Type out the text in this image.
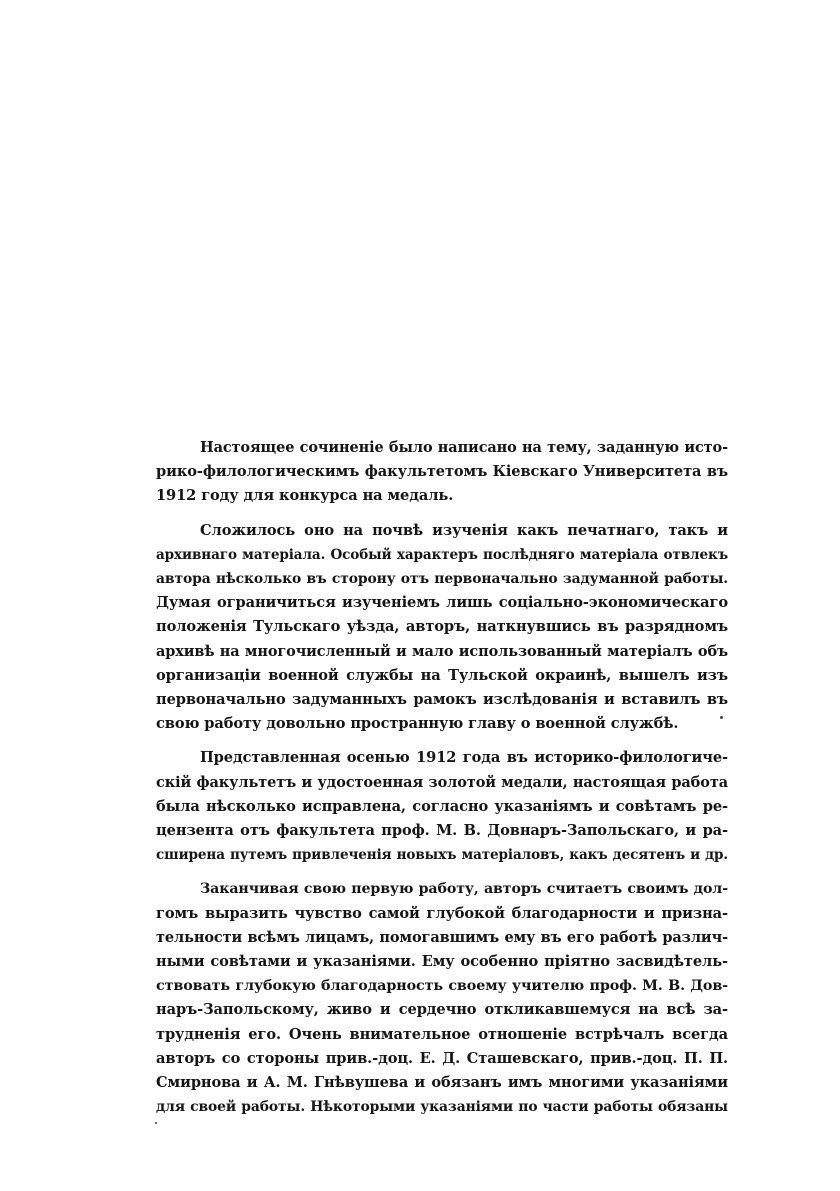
Настоящее сочиненіе было написано на тему, заданную исто-
рико-филологическимъ факультетомъ Кіевскаго Университета въ
1912 году для конкурса на медаль.

Сложилось оно на почвѣ изученія какъ печатнаго, такъ и
архивнаго матеріала. Особый характеръ послѣдняго матеріала отвлекъ
автора нѣсколько въ сторону отъ первоначально задуманной работы.
Думая ограничиться изученіемъ лишь соціально-экономическаго
положенія Тульскаго уѣзда, авторъ, наткнувшись въ разрядномъ
архивѣ на многочисленный и мало использованный матеріалъ объ
организаціи военной службы на Тульской окраинѣ, вышелъ изъ
первоначально задуманныхъ рамокъ изслѣдованія и вставилъ въ
свою работу довольно пространную главу о военной службѣ.

Представленная осенью 1912 года въ историко-филологиче-
скій факультетъ и удостоенная золотой медали, настоящая работа
была нѣсколько исправлена, согласно указаніямъ и совѣтамъ ре-
цензента отъ факультета проф. М. В. Довнаръ-Запольскаго, и ра-
сширена путемъ привлеченія новыхъ матеріаловъ, какъ десятенъ и др.

Заканчивая свою первую работу, авторъ считаетъ своимъ дол-
гомъ выразить чувство самой глубокой благодарности и призна-
тельности всѣмъ лицамъ, помогавшимъ ему въ его работѣ различ-
ными совѣтами и указаніями. Ему особенно пріятно засвидѣтель-
ствовать глубокую благодарность своему учителю проф. М. В. Дов-
наръ-Запольскому, живо и сердечно откликавшемуся на всѣ за-
трудненія его. Очень внимательное отношеніе встрѣчалъ всегда
авторъ со стороны прив.-доц. Е. Д. Сташевскаго, прив.-доц. П. П.
Смирнова и А. М. Гнѣвушева и обязанъ имъ многими указаніями
для своей работы. Нѣкоторыми указаніями по части работы обязаны
